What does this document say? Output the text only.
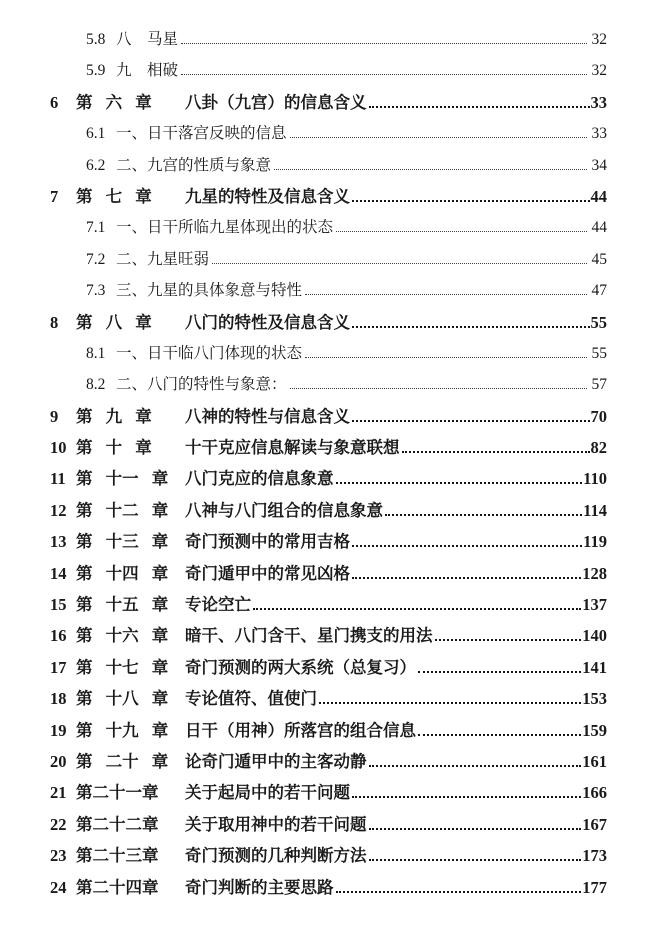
5.8 八　马星	32
5.9 九　相破	32
6	第 六 章	八卦（九宫）的信息含义	33
6.1 一、日干落宫反映的信息	33
6.2 二、九宫的性质与象意	34
7	第 七 章	九星的特性及信息含义	44
7.1 一、日干所临九星体现出的状态	44
7.2 二、九星旺弱	45
7.3 三、九星的具体象意与特性	47
8	第 八 章	八门的特性及信息含义	55
8.1 一、日干临八门体现的状态	55
8.2 二、八门的特性与象意：	57
9	第 九 章	八神的特性与信息含义	70
10 第 十 章	十干克应信息解读与象意联想	82
11 第 十一 章	八门克应的信息象意	110
12 第 十二 章	八神与八门组合的信息象意	114
13 第 十三 章	奇门预测中的常用吉格	119
14 第 十四 章	奇门遁甲中的常见凶格	128
15 第 十五 章	专论空亡	137
16 第 十六 章	暗干、八门含干、星门携支的用法	140
17 第 十七 章	奇门预测的两大系统（总复习）	141
18 第 十八 章	专论值符、值使门	153
19 第 十九 章	日干（用神）所落宫的组合信息	159
20 第 二十 章	论奇门遁甲中的主客动静	161
21 第二十一章	关于起局中的若干问题	166
22 第二十二章	关于取用神中的若干问题	167
23 第二十三章	奇门预测的几种判断方法	173
24 第二十四章	奇门判断的主要思路	177
